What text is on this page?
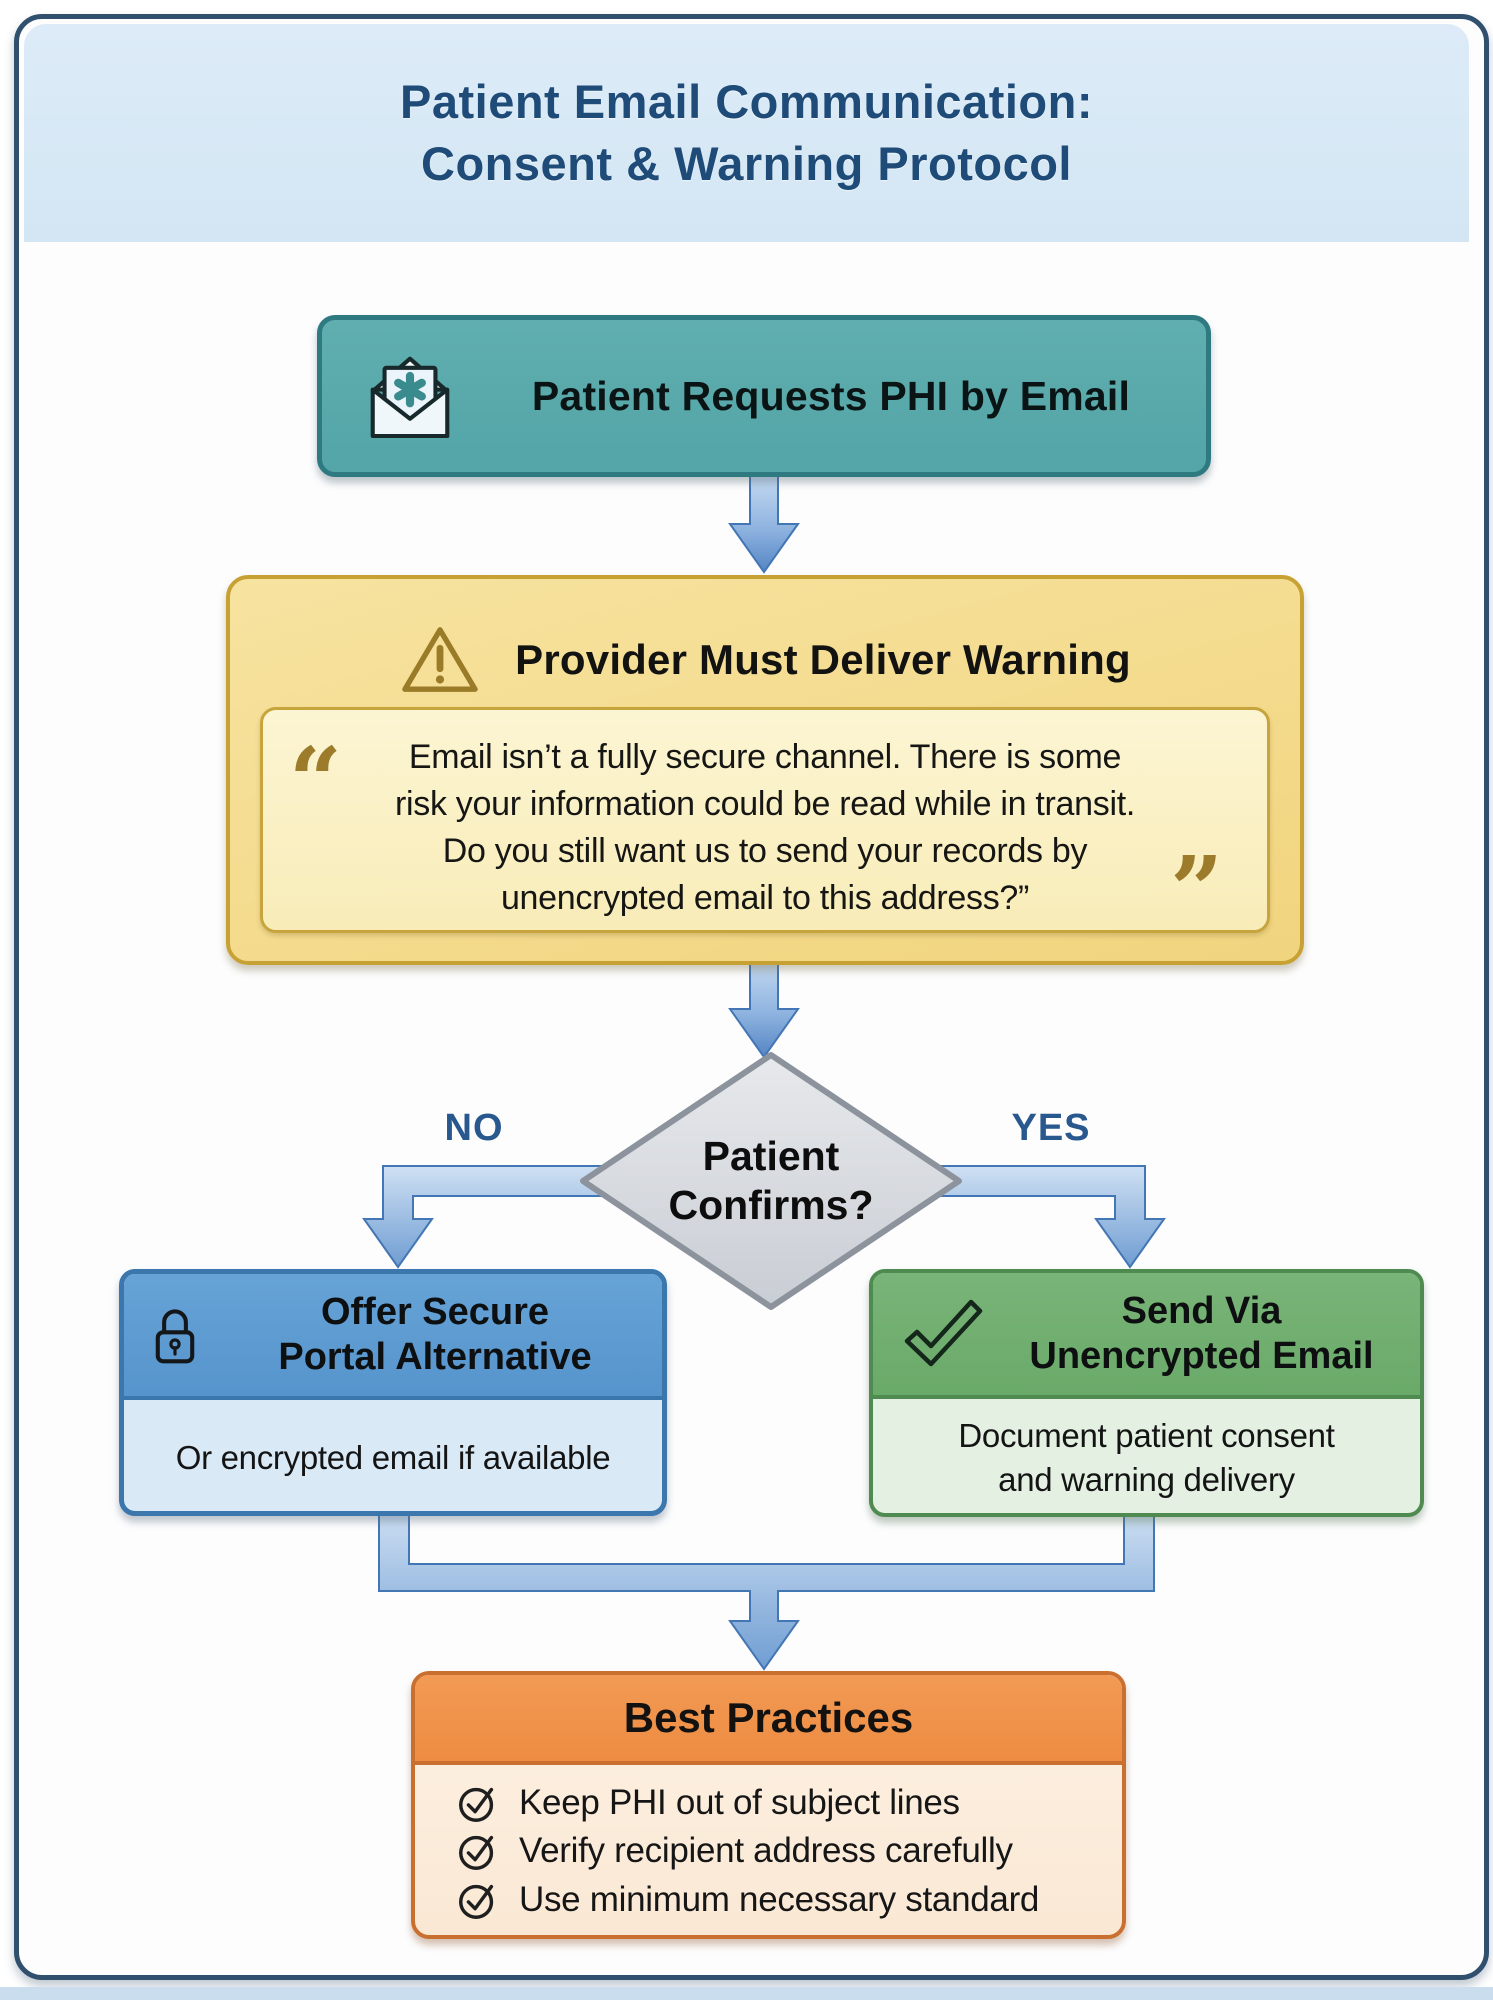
Patient Email Communication:
Consent & Warning Protocol
Patient Requests PHI by Email
Provider Must Deliver Warning
“	Email isn’t a fully secure channel. There is some
risk your information could be read while in transit.
Do you still want us to send your records by
unencrypted email to this address?”	”
Patient
Confirms?
NO	YES
Offer Secure
Portal Alternative
Or encrypted email if available
Send Via
Unencrypted Email
Document patient consent
and warning delivery
Best Practices
Keep PHI out of subject lines
Verify recipient address carefully
Use minimum necessary standard
